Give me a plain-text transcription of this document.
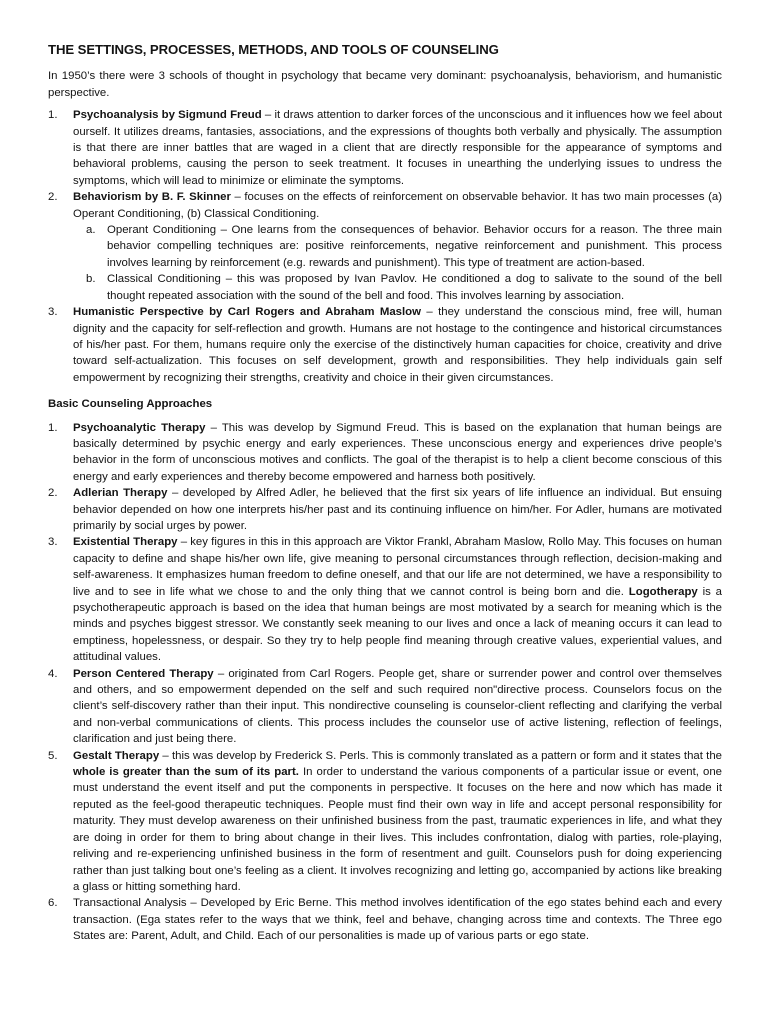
THE SETTINGS, PROCESSES, METHODS, AND TOOLS OF COUNSELING

In 1950’s there were 3 schools of thought in psychology that became very dominant: psychoanalysis, behaviorism, and humanistic perspective.

1.	Psychoanalysis by Sigmund Freud – it draws attention to darker forces of the unconscious and it influences how we feel about ourself. It utilizes dreams, fantasies, associations, and the expressions of thoughts both verbally and physically. The assumption is that there are inner battles that are waged in a client that are directly responsible for the appearance of symptoms and behavioral problems, causing the person to seek treatment. It focuses in unearthing the underlying issues to undress the symptoms, which will lead to minimize or eliminate the symptoms.
2.	Behaviorism by B. F. Skinner – focuses on the effects of reinforcement on observable behavior. It has two main processes (a) Operant Conditioning, (b) Classical Conditioning.
a. Operant Conditioning – One learns from the consequences of behavior. Behavior occurs for a reason. The three main behavior compelling techniques are: positive reinforcements, negative reinforcement and punishment. This process involves learning by reinforcement (e.g. rewards and punishment). This type of treatment are action-based.
b. Classical Conditioning – this was proposed by Ivan Pavlov. He conditioned a dog to salivate to the sound of the bell thought repeated association with the sound of the bell and food. This involves learning by association.
3.	Humanistic Perspective by Carl Rogers and Abraham Maslow – they understand the conscious mind, free will, human dignity and the capacity for self-reflection and growth. Humans are not hostage to the contingence and historical circumstances of his/her past. For them, humans require only the exercise of the distinctively human capacities for choice, creativity and drive toward self-actualization. This focuses on self development, growth and responsibilities. They help individuals gain self empowerment by recognizing their strengths, creativity and choice in their given circumstances.
Basic Counseling Approaches
1.	Psychoanalytic Therapy – This was develop by Sigmund Freud. This is based on the explanation that human beings are basically determined by psychic energy and early experiences. These unconscious energy and experiences drive people’s behavior in the form of unconscious motives and conflicts. The goal of the therapist is to help a client become conscious of this energy and early experiences and thereby become empowered and harness both positively.
2.	Adlerian Therapy – developed by Alfred Adler, he believed that the first six years of life influence an individual. But ensuing behavior depended on how one interprets his/her past and its continuing influence on him/her. For Adler, humans are motivated primarily by social urges by power.
3.	Existential Therapy – key figures in this in this approach are Viktor Frankl, Abraham Maslow, Rollo May. This focuses on human capacity to define and shape his/her own life, give meaning to personal circumstances through reflection, decision-making and self-awareness. It emphasizes human freedom to define oneself, and that our life are not determined, we have a responsibility to live and to see in life what we chose to and the only thing that we cannot control is being born and die. Logotherapy is a psychotherapeutic approach is based on the idea that human beings are most motivated by a search for meaning which is the minds and psyches biggest stressor. We constantly seek meaning to our lives and once a lack of meaning occurs it can lead to emptiness, hopelessness, or despair. So they try to help people find meaning through creative values, experiential values, and attitudinal values.
4.	Person Centered Therapy – originated from Carl Rogers. People get, share or surrender power and control over themselves and others, and so empowerment depended on the self and such required non"directive process. Counselors focus on the client’s self-discovery rather than their input. This nondirective counseling is counselor-client reflecting and clarifying the verbal and non-verbal communications of clients. This process includes the counselor use of active listening, reflection of feelings, clarification and just being there.
5.	Gestalt Therapy – this was develop by Frederick S. Perls. This is commonly translated as a pattern or form and it states that the whole is greater than the sum of its part. In order to understand the various components of a particular issue or event, one must understand the event itself and put the components in perspective. It focuses on the here and now which has made it reputed as the feel-good therapeutic techniques. People must find their own way in life and accept personal responsibility for maturity. They must develop awareness on their unfinished business from the past, traumatic experiences in life, and what they are doing in order for them to bring about change in their lives. This includes confrontation, dialog with parties, role-playing, reliving and re-experiencing unfinished business in the form of resentment and guilt. Counselors push for doing experiencing rather than just talking bout one’s feeling as a client. It involves recognizing and letting go, accompanied by actions like breaking a glass or hitting something hard.
6.	Transactional Analysis – Developed by Eric Berne. This method involves identification of the ego states behind each and every transaction. (Ega states refer to the ways that we think, feel and behave, changing across time and contexts. The Three ego States are: Parent, Adult, and Child. Each of our personalities is made up of various parts or ego state.
